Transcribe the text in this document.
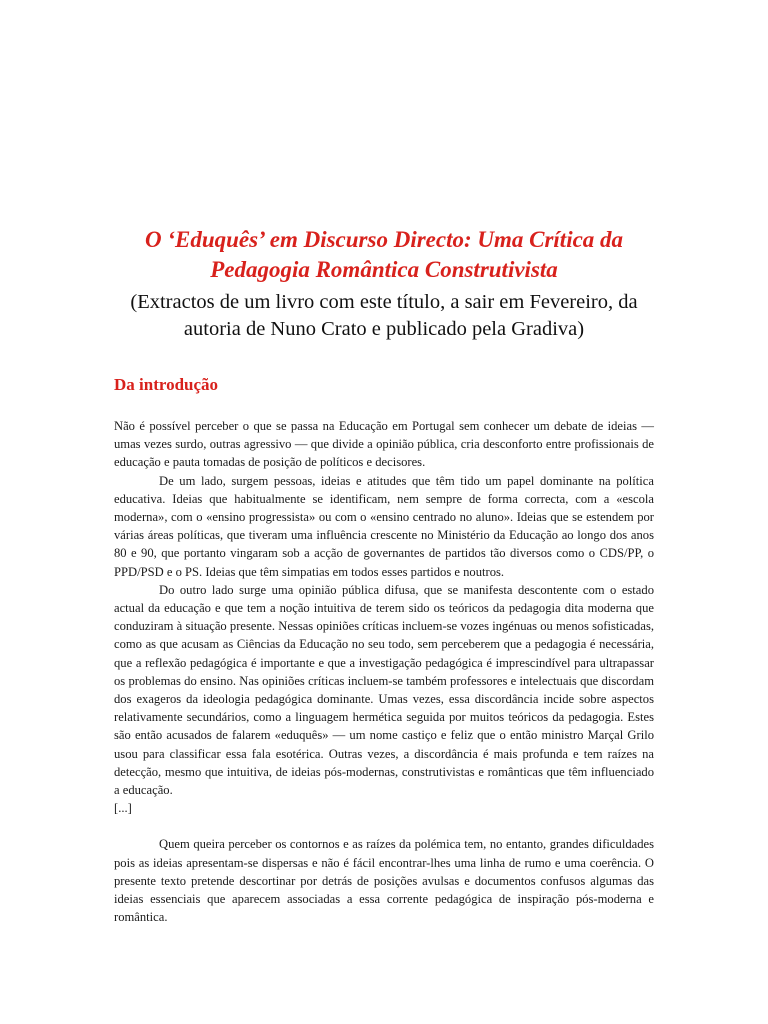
O ‘Eduquês’ em Discurso Directo: Uma Crítica da Pedagogia Romântica Construtivista
(Extractos de um livro com este título, a sair em Fevereiro, da autoria de Nuno Crato e publicado pela Gradiva)
Da introdução

Não é possível perceber o que se passa na Educação em Portugal sem conhecer um debate de ideias — umas vezes surdo, outras agressivo — que divide a opinião pública, cria desconforto entre profissionais de educação e pauta tomadas de posição de políticos e decisores.

De um lado, surgem pessoas, ideias e atitudes que têm tido um papel dominante na política educativa. Ideias que habitualmente se identificam, nem sempre de forma correcta, com a «escola moderna», com o «ensino progressista» ou com o «ensino centrado no aluno». Ideias que se estendem por várias áreas políticas, que tiveram uma influência crescente no Ministério da Educação ao longo dos anos 80 e 90, que portanto vingaram sob a acção de governantes de partidos tão diversos como o CDS/PP, o PPD/PSD e o PS. Ideias que têm simpatias em todos esses partidos e noutros.

Do outro lado surge uma opinião pública difusa, que se manifesta descontente com o estado actual da educação e que tem a noção intuitiva de terem sido os teóricos da pedagogia dita moderna que conduziram à situação presente. Nessas opiniões críticas incluem-se vozes ingénuas ou menos sofisticadas, como as que acusam as Ciências da Educação no seu todo, sem perceberem que a pedagogia é necessária, que a reflexão pedagógica é importante e que a investigação pedagógica é imprescindível para ultrapassar os problemas do ensino. Nas opiniões críticas incluem-se também professores e intelectuais que discordam dos exageros da ideologia pedagógica dominante. Umas vezes, essa discordância incide sobre aspectos relativamente secundários, como a linguagem hermética seguida por muitos teóricos da pedagogia. Estes são então acusados de falarem «eduquês» — um nome castiço e feliz que o então ministro Marçal Grilo usou para classificar essa fala esotérica. Outras vezes, a discordância é mais profunda e tem raízes na detecção, mesmo que intuitiva, de ideias pós-modernas, construtivistas e românticas que têm influenciado a educação.

[...]

Quem queira perceber os contornos e as raízes da polémica tem, no entanto, grandes dificuldades pois as ideias apresentam-se dispersas e não é fácil encontrar-lhes uma linha de rumo e uma coerência. O presente texto pretende descortinar por detrás de posições avulsas e documentos confusos algumas das ideias essenciais que aparecem associadas a essa corrente pedagógica de inspiração pós-moderna e romântica.
